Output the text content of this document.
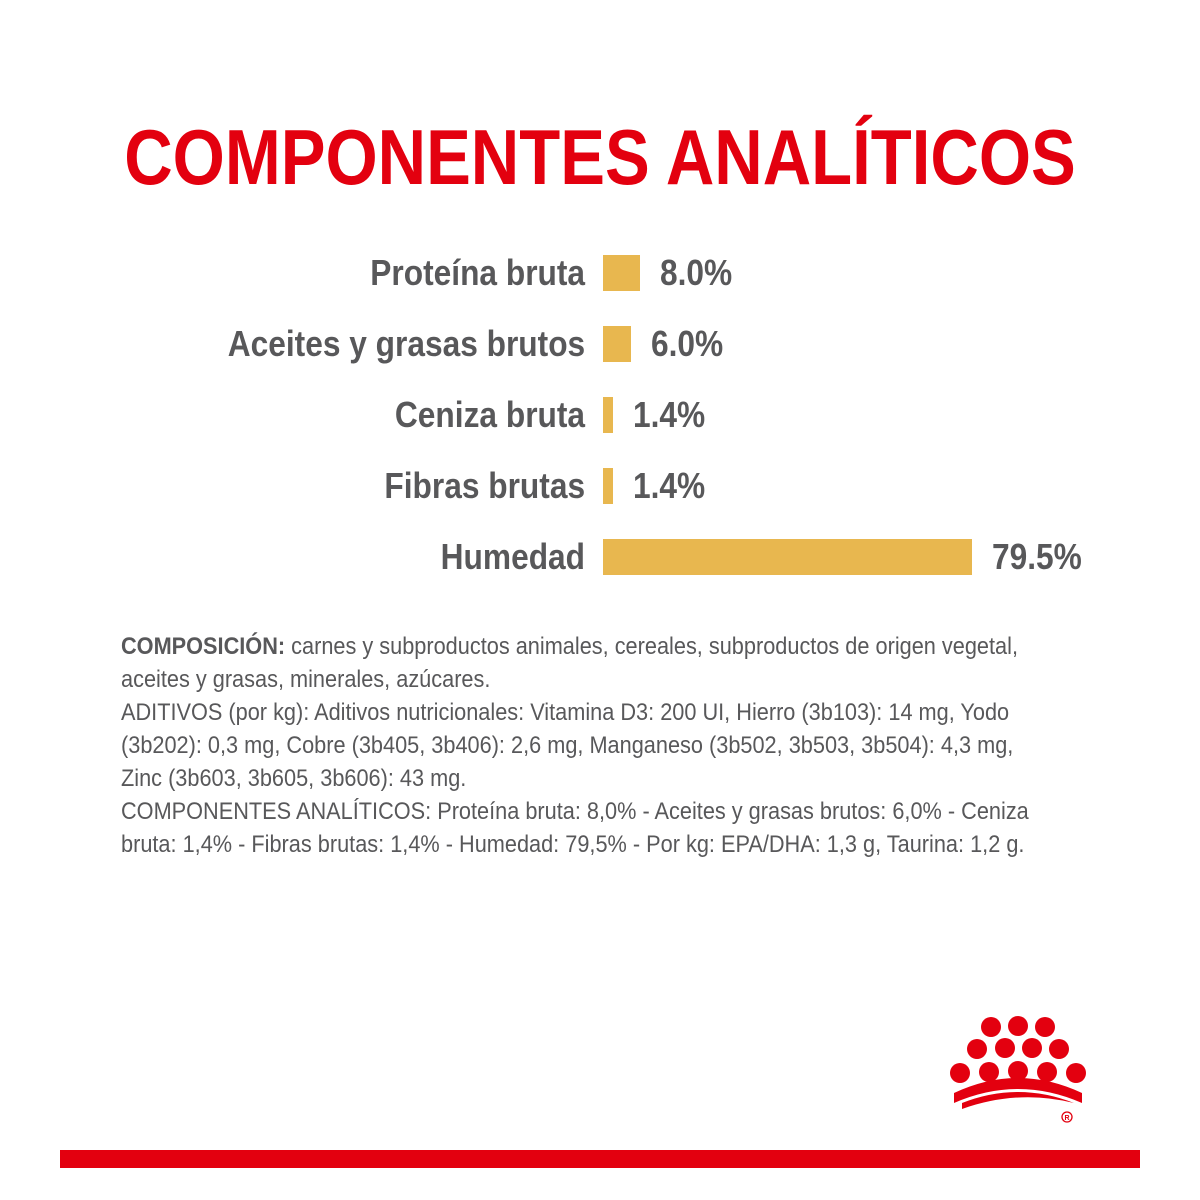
COMPONENTES ANALÍTICOS
Proteína bruta 8.0%
Aceites y grasas brutos 6.0%
Ceniza bruta 1.4%
Fibras brutas 1.4%
Humedad	79.5%

COMPOSICIÓN: carnes y subproductos animales, cereales, subproductos de origen vegetal,

aceites y grasas, minerales, azúcares.

ADITIVOS (por kg): Aditivos nutricionales: Vitamina D3: 200 UI, Hierro (3b103): 14 mg, Yodo

(3b202): 0,3 mg, Cobre (3b405, 3b406): 2,6 mg, Manganeso (3b502, 3b503, 3b504): 4,3 mg,

Zinc (3b603, 3b605, 3b606): 43 mg.

COMPONENTES ANALÍTICOS: Proteína bruta: 8,0% - Aceites y grasas brutos: 6,0% - Ceniza

bruta: 1,4% - Fibras brutas: 1,4% - Humedad: 79,5% - Por kg: EPA/DHA: 1,3 g, Taurina: 1,2 g.

R
